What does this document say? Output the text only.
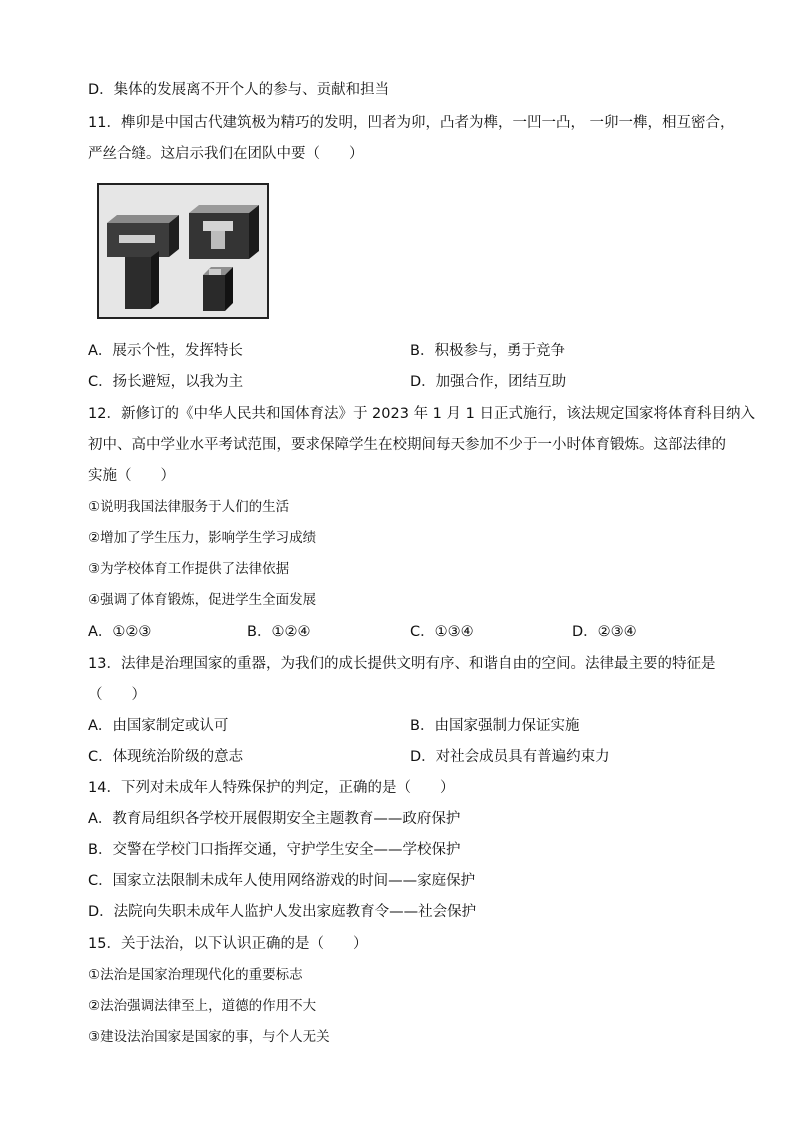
D．集体的发展离不开个人的参与、贡献和担当
11．榫卯是中国古代建筑极为精巧的发明，凹者为卯，凸者为榫，一凹一凸， 一卯一榫，相互密合，
严丝合缝。这启示我们在团队中要（　　）
A．展示个性，发挥特长	B．积极参与，勇于竞争
C．扬长避短，以我为主	D．加强合作，团结互助
12．新修订的《中华人民共和国体育法》于 2023 年 1 月 1 日正式施行，该法规定国家将体育科目纳入
初中、高中学业水平考试范围，要求保障学生在校期间每天参加不少于一小时体育锻炼。这部法律的
实施（　　）
①说明我国法律服务于人们的生活
②增加了学生压力，影响学生学习成绩
③为学校体育工作提供了法律依据
④强调了体育锻炼，促进学生全面发展
A．①②③	B．①②④	C．①③④	D．②③④
13．法律是治理国家的重器，为我们的成长提供文明有序、和谐自由的空间。法律最主要的特征是
（　　）
A．由国家制定或认可	B．由国家强制力保证实施
C．体现统治阶级的意志	D．对社会成员具有普遍约束力
14．下列对未成年人特殊保护的判定，正确的是（　　）
A．教育局组织各学校开展假期安全主题教育——政府保护
B．交警在学校门口指挥交通，守护学生安全——学校保护
C．国家立法限制未成年人使用网络游戏的时间——家庭保护
D．法院向失职未成年人监护人发出家庭教育令——社会保护
15．关于法治，以下认识正确的是（　　）
①法治是国家治理现代化的重要标志
②法治强调法律至上，道德的作用不大
③建设法治国家是国家的事，与个人无关
